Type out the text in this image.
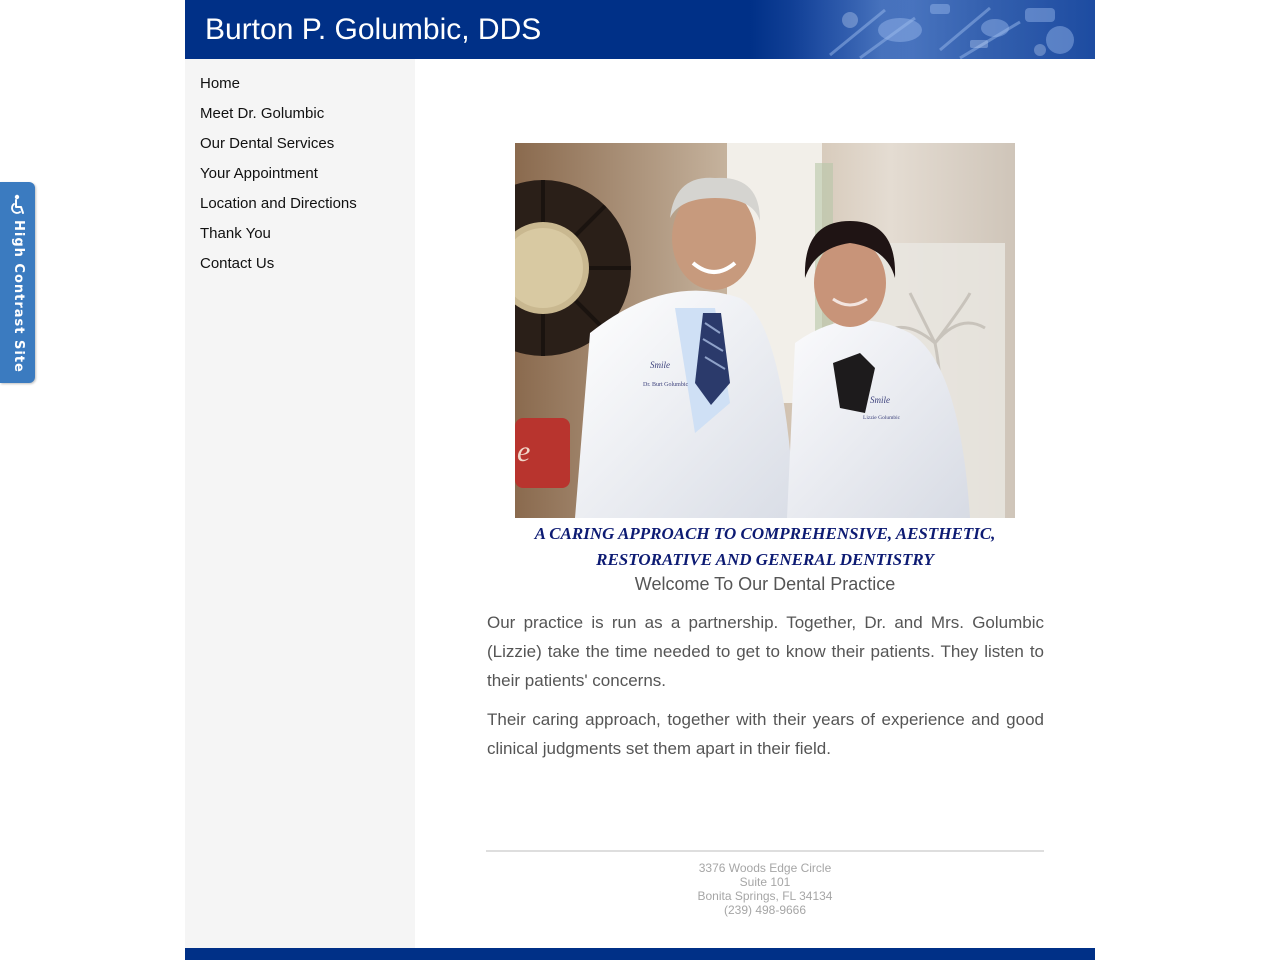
Burton P. Golumbic, DDS
Home
Meet Dr. Golumbic
Our Dental Services
Your Appointment
Location and Directions
Thank You
Contact Us
e
Dr. Burt Golumbic
Smile
Lizzie Golumbic
Smile
A CARING APPROACH TO COMPREHENSIVE, AESTHETIC,
RESTORATIVE AND GENERAL DENTISTRY
Welcome To Our Dental Practice

Our practice is run as a partnership. Together, Dr. and Mrs. Golumbic (Lizzie) take the time needed to get to know their patients. They listen to their patients' concerns.

Their caring approach, together with their years of experience and good clinical judgments set them apart in their field.

3376 Woods Edge Circle
Suite 101
Bonita Springs, FL 34134
(239) 498-9666
High Contrast Site
